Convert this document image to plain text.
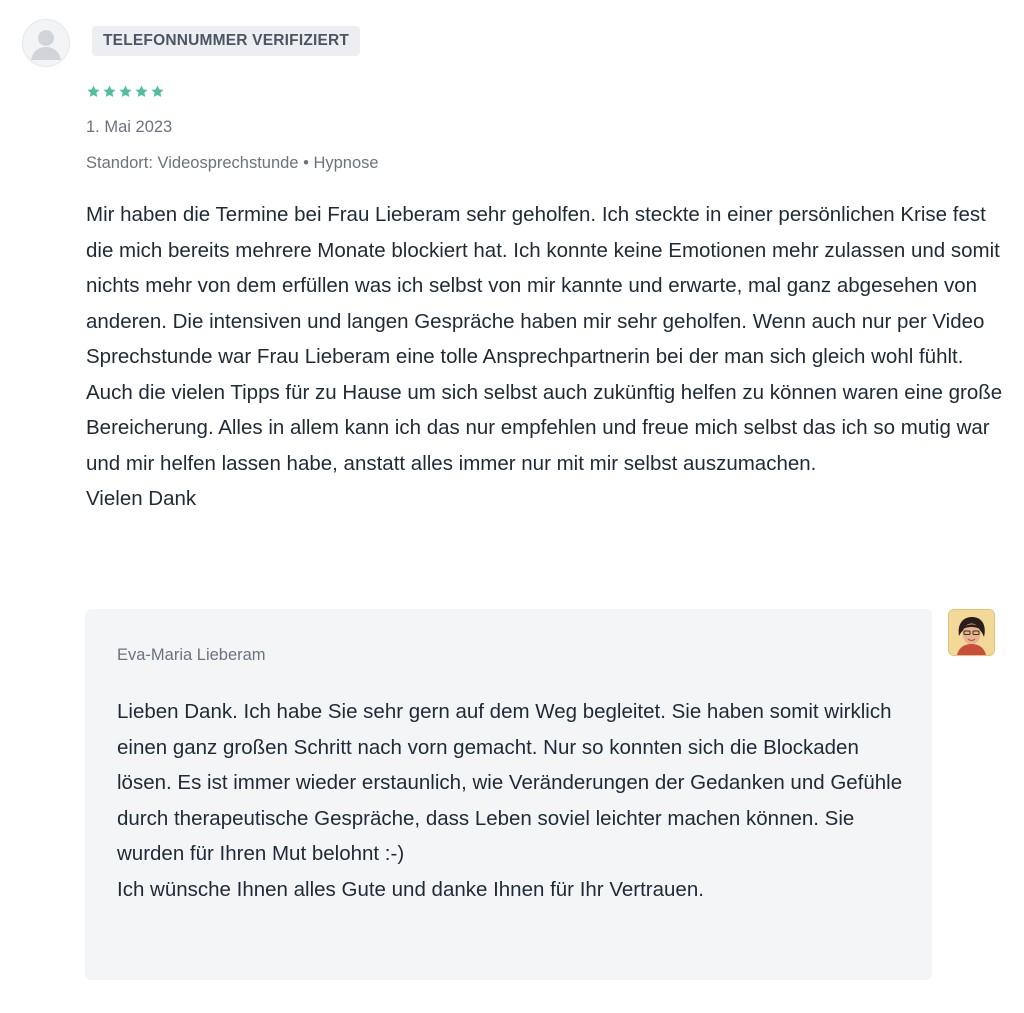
TELEFONNUMMER VERIFIZIERT
1. Mai 2023
Standort: Videosprechstunde • Hypnose
Mir haben die Termine bei Frau Lieberam sehr geholfen. Ich steckte in einer persönlichen Krise fest die mich bereits mehrere Monate blockiert hat. Ich konnte keine Emotionen mehr zulassen und somit nichts mehr von dem erfüllen was ich selbst von mir kannte und erwarte, mal ganz abgesehen von anderen. Die intensiven und langen Gespräche haben mir sehr geholfen. Wenn auch nur per Video Sprechstunde war Frau Lieberam eine tolle Ansprechpartnerin bei der man sich gleich wohl fühlt. Auch die vielen Tipps für zu Hause um sich selbst auch zukünftig helfen zu können waren eine große Bereicherung. Alles in allem kann ich das nur empfehlen und freue mich selbst das ich so mutig war und mir helfen lassen habe, anstatt alles immer nur mit mir selbst auszumachen.
Vielen Dank
Eva-Maria Lieberam
Lieben Dank. Ich habe Sie sehr gern auf dem Weg begleitet. Sie haben somit wirklich einen ganz großen Schritt nach vorn gemacht. Nur so konnten sich die Blockaden lösen. Es ist immer wieder erstaunlich, wie Veränderungen der Gedanken und Gefühle durch therapeutische Gespräche, dass Leben soviel leichter machen können. Sie wurden für Ihren Mut belohnt :-)
Ich wünsche Ihnen alles Gute und danke Ihnen für Ihr Vertrauen.
